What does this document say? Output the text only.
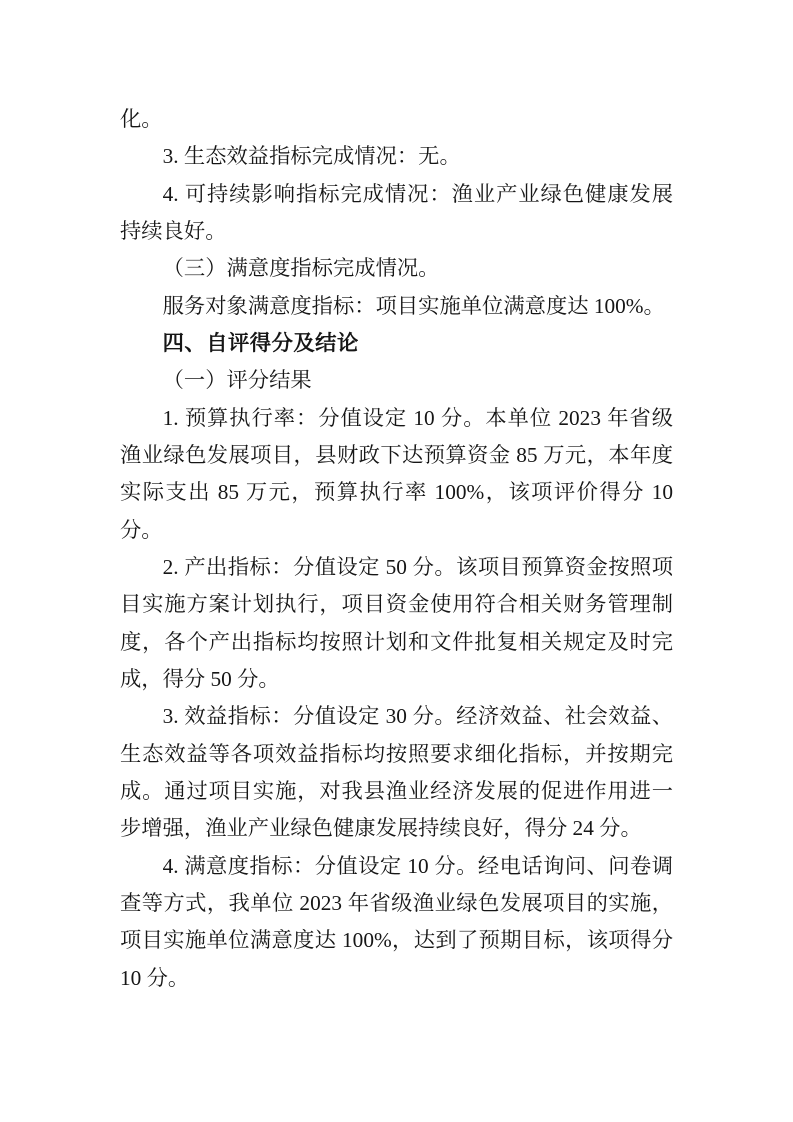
化。
3. 生态效益指标完成情况：无。
4. 可持续影响指标完成情况：渔业产业绿色健康发展
持续良好。
（三）满意度指标完成情况。
服务对象满意度指标：项目实施单位满意度达 100%。
四、自评得分及结论
（一）评分结果
1. 预算执行率：分值设定 10 分。本单位 2023 年省级
渔业绿色发展项目，县财政下达预算资金 85 万元，本年度
实际支出 85 万元，预算执行率 100%，该项评价得分 10
分。
2. 产出指标：分值设定 50 分。该项目预算资金按照项
目实施方案计划执行，项目资金使用符合相关财务管理制
度，各个产出指标均按照计划和文件批复相关规定及时完
成，得分 50 分。
3. 效益指标：分值设定 30 分。经济效益、社会效益、
生态效益等各项效益指标均按照要求细化指标，并按期完
成。通过项目实施，对我县渔业经济发展的促进作用进一
步增强，渔业产业绿色健康发展持续良好，得分 24 分。
4. 满意度指标：分值设定 10 分。经电话询问、问卷调
查等方式，我单位 2023 年省级渔业绿色发展项目的实施，
项目实施单位满意度达 100%，达到了预期目标，该项得分
10 分。
